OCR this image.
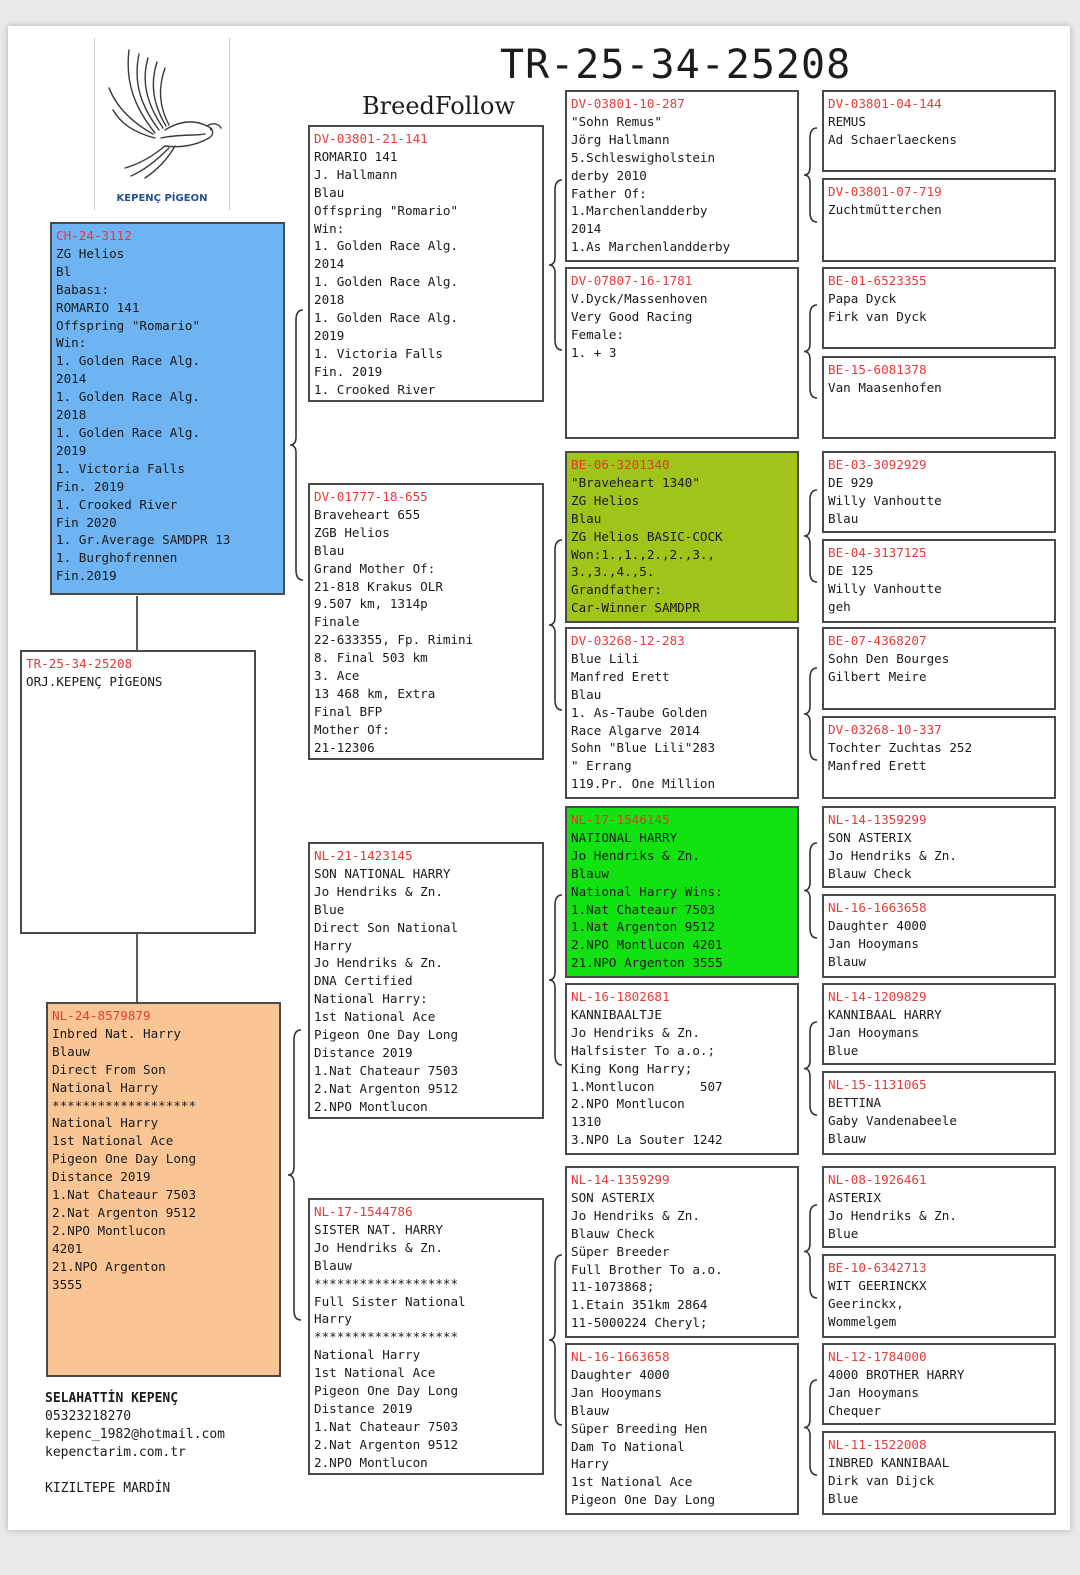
KEPENÇ PİGEON
TR-25-34-25208
BreedFollow
CH-24-3112
ZG Helios
Bl
Babası:
ROMARIO 141
Offspring "Romario"
Win:
1. Golden Race Alg.
2014
1. Golden Race Alg.
2018
1. Golden Race Alg.
2019
1. Victoria Falls
Fin. 2019
1. Crooked River
Fin 2020
1. Gr.Average SAMDPR 13
1. Burghofrennen
Fin.2019
TR-25-34-25208
ORJ.KEPENÇ PİGEONS
NL-24-8579879
Inbred Nat. Harry
Blauw
Direct From Son
National Harry
*******************
National Harry
1st National Ace
Pigeon One Day Long
Distance 2019
1.Nat Chateaur 7503
2.Nat Argenton 9512
2.NPO Montlucon
4201
21.NPO Argenton
3555
DV-03801-21-141
ROMARIO 141
J. Hallmann
Blau
Offspring "Romario"
Win:
1. Golden Race Alg.
2014
1. Golden Race Alg.
2018
1. Golden Race Alg.
2019
1. Victoria Falls
Fin. 2019
1. Crooked River
DV-01777-18-655
Braveheart 655
ZGB Helios
Blau
Grand Mother Of:
21-818 Krakus OLR
9.507 km, 1314p
Finale
22-633355, Fp. Rimini
8. Final 503 km
3. Ace
13 468 km, Extra
Final BFP
Mother Of:
21-12306
NL-21-1423145
SON NATIONAL HARRY
Jo Hendriks & Zn.
Blue
Direct Son National
Harry
Jo Hendriks & Zn.
DNA Certified
National Harry:
1st National Ace
Pigeon One Day Long
Distance 2019
1.Nat Chateaur 7503
2.Nat Argenton 9512
2.NPO Montlucon
NL-17-1544786
SISTER NAT. HARRY
Jo Hendriks & Zn.
Blauw
*******************
Full Sister National
Harry
*******************
National Harry
1st National Ace
Pigeon One Day Long
Distance 2019
1.Nat Chateaur 7503
2.Nat Argenton 9512
2.NPO Montlucon
DV-03801-10-287
"Sohn Remus"
Jörg Hallmann
5.Schleswigholstein
derby 2010
Father Of:
1.Marchenlandderby
2014
1.As Marchenlandderby
DV-07807-16-1781
V.Dyck/Massenhoven
Very Good Racing
Female:
1. + 3
BE-06-3201340
"Braveheart 1340"
ZG Helios
Blau
ZG Helios BASIC-COCK
Won:1.,1.,2.,2.,3.,
3.,3.,4.,5.
Grandfather:
Car-Winner SAMDPR
DV-03268-12-283
Blue Lili
Manfred Erett
Blau
1. As-Taube Golden
Race Algarve 2014
Sohn "Blue Lili"283
" Errang
119.Pr. One Million
NL-17-1546145
NATIONAL HARRY
Jo Hendriks & Zn.
Blauw
National Harry Wins:
1.Nat Chateaur 7503
1.Nat Argenton 9512
2.NPO Montlucon 4201
21.NPO Argenton 3555
NL-16-1802681
KANNIBAALTJE
Jo Hendriks & Zn.
Halfsister To a.o.;
King Kong Harry;
1.Montlucon      507
2.NPO Montlucon
1310
3.NPO La Souter 1242
NL-14-1359299
SON ASTERIX
Jo Hendriks & Zn.
Blauw Check
Süper Breeder
Full Brother To a.o.
11-1073868;
1.Etain 351km 2864
11-5000224 Cheryl;
NL-16-1663658
Daughter 4000
Jan Hooymans
Blauw
Süper Breeding Hen
Dam To National
Harry
1st National Ace
Pigeon One Day Long
DV-03801-04-144
REMUS
Ad Schaerlaeckens
DV-03801-07-719
Zuchtmütterchen
BE-01-6523355
Papa Dyck
Firk van Dyck
BE-15-6081378
Van Maasenhofen
BE-03-3092929
DE 929
Willy Vanhoutte
Blau
BE-04-3137125
DE 125
Willy Vanhoutte
geh
BE-07-4368207
Sohn Den Bourges
Gilbert Meire
DV-03268-10-337
Tochter Zuchtas 252
Manfred Erett
NL-14-1359299
SON ASTERIX
Jo Hendriks & Zn.
Blauw Check
NL-16-1663658
Daughter 4000
Jan Hooymans
Blauw
NL-14-1209829
KANNIBAAL HARRY
Jan Hooymans
Blue
NL-15-1131065
BETTINA
Gaby Vandenabeele
Blauw
NL-08-1926461
ASTERIX
Jo Hendriks & Zn.
Blue
BE-10-6342713
WIT GEERINCKX
Geerinckx,
Wommelgem
NL-12-1784000
4000 BROTHER HARRY
Jan Hooymans
Chequer
NL-11-1522008
INBRED KANNIBAAL
Dirk van Dijck
Blue
SELAHATTİN KEPENÇ
05323218270
kepenc_1982@hotmail.com
kepenctarim.com.tr

KIZILTEPE MARDİN
